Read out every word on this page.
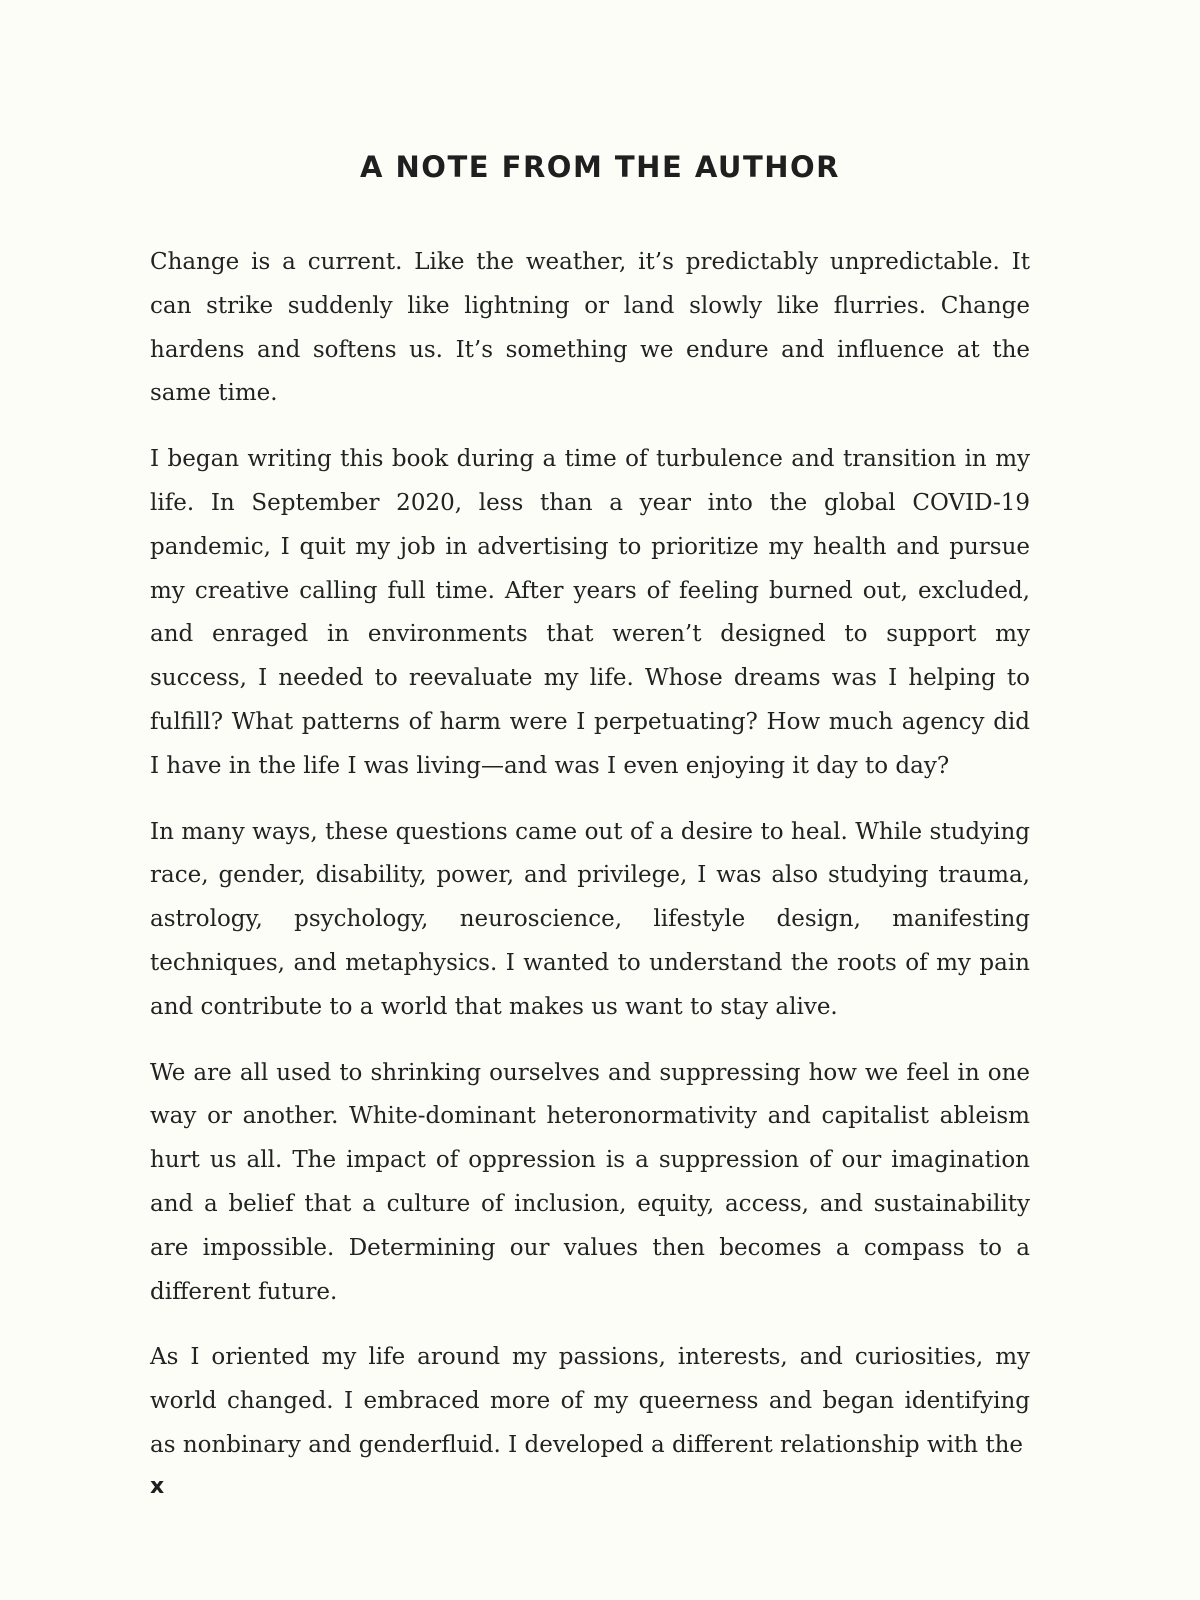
A NOTE FROM THE AUTHOR

Change is a current. Like the weather, it’s predictably unpredictable. It can strike suddenly like lightning or land slowly like flurries. Change hardens and softens us. It’s something we endure and influence at the same time.

I began writing this book during a time of turbulence and transition in my life. In September 2020, less than a year into the global COVID-19 pandemic, I quit my job in advertising to prioritize my health and pursue my creative calling full time. After years of feeling burned out, excluded, and enraged in environments that weren’t designed to support my success, I needed to reevaluate my life. Whose dreams was I helping to fulfill? What patterns of harm were I perpetuating? How much agency did I have in the life I was living—and was I even enjoying it day to day?

In many ways, these questions came out of a desire to heal. While studying race, gender, disability, power, and privilege, I was also studying trauma, astrology, psychology, neuroscience, lifestyle design, manifesting techniques, and metaphysics. I wanted to understand the roots of my pain and contribute to a world that makes us want to stay alive.

We are all used to shrinking ourselves and suppressing how we feel in one way or another. White-dominant heteronormativity and capitalist ableism hurt us all. The impact of oppression is a suppression of our imagination and a belief that a culture of inclusion, equity, access, and sustainability are impossible. Determining our values then becomes a compass to a different future.

As I oriented my life around my passions, interests, and curiosities, my world changed. I embraced more of my queerness and began identifying as nonbinary and genderfluid. I developed a different relationship with the

x
